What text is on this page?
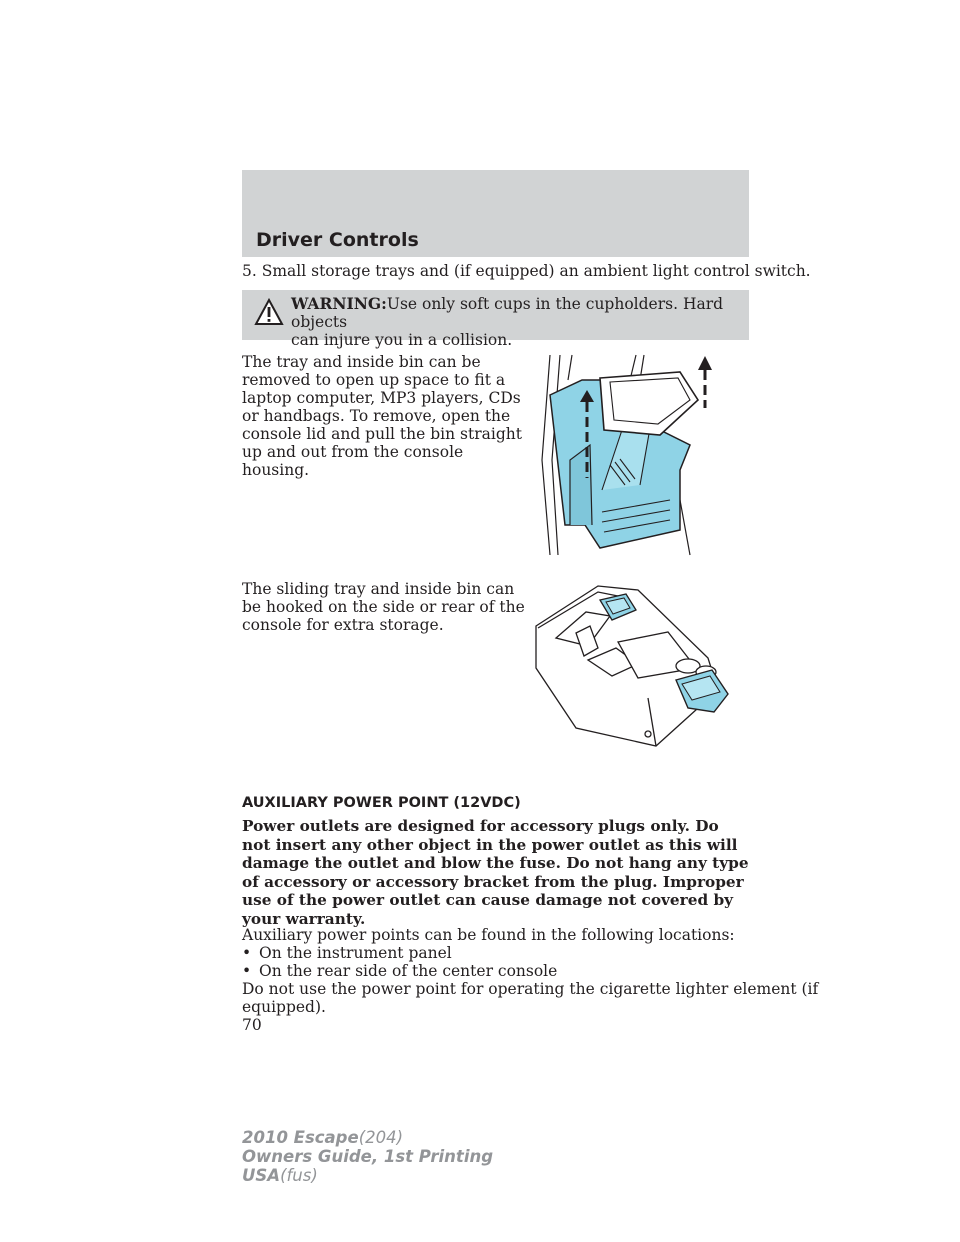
Driver Controls
5. Small storage trays and (if equipped) an ambient light control switch.
WARNING:Use only soft cups in the cupholders. Hard objects
can injure you in a collision.
The tray and inside bin can be
removed to open up space to fit a
laptop computer, MP3 players, CDs
or handbags. To remove, open the
console lid and pull the bin straight
up and out from the console
housing.
The sliding tray and inside bin can
be hooked on the side or rear of the
console for extra storage.
AUXILIARY POWER POINT (12VDC)
Power outlets are designed for accessory plugs only. Do not insert any other object in the power outlet as this will damage the outlet and blow the fuse. Do not hang any type of accessory or accessory bracket from the plug. Improper use of the power outlet can cause damage not covered by your warranty.
Auxiliary power points can be found in the following locations:
• On the instrument panel
• On the rear side of the center console
Do not use the power point for operating the cigarette lighter element (if
equipped).
70
2010 Escape(204)
Owners Guide, 1st Printing
USA(fus)
